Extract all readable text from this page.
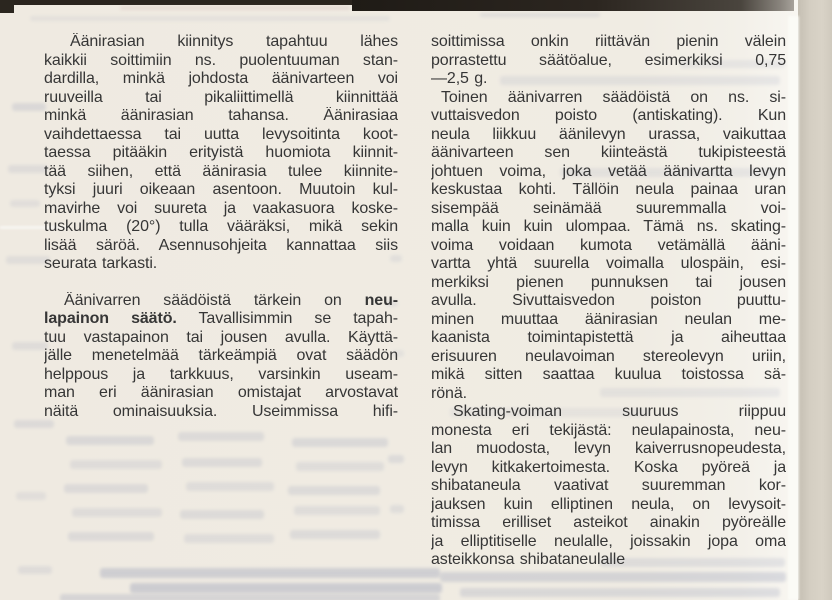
Äänirasian kiinnitys tapahtuu lähes
kaikkii soittimiin ns. puolentuuman stan-
dardilla, minkä johdosta äänivarteen voi
ruuveilla tai pikaliittimellä kiinnittää
minkä äänirasian tahansa. Äänirasiaa
vaihdettaessa tai uutta levysoitinta koot-
taessa pitääkin erityistä huomiota kiinnit-
tää siihen, että äänirasia tulee kiinnite-
tyksi juuri oikeaan asentoon. Muutoin kul-
mavirhe voi suureta ja vaakasuora koske-
tuskulma (20°) tulla vääräksi, mikä sekin
lisää säröä. Asennusohjeita kannattaa siis
seurata tarkasti.
Äänivarren säädöistä tärkein on neu-
lapainon säätö. Tavallisimmin se tapah-
tuu vastapainon tai jousen avulla. Käyttä-
jälle menetelmää tärkeämpiä ovat säädön
helppous ja tarkkuus, varsinkin useam-
man eri äänirasian omistajat arvostavat
näitä ominaisuuksia. Useimmissa hifi-
soittimissa onkin riittävän pienin välein
porrastettu säätöalue, esimerkiksi 0,75
—2,5 g.
Toinen äänivarren säädöistä on ns. si-
vuttaisvedon poisto (antiskating). Kun
neula liikkuu äänilevyn urassa, vaikuttaa
äänivarteen sen kiinteästä tukipisteestä
johtuen voima, joka vetää äänivartta levyn
keskustaa kohti. Tällöin neula painaa uran
sisempää seinämää suuremmalla voi-
malla kuin kuin ulompaa. Tämä ns. skating-
voima voidaan kumota vetämällä ääni-
vartta yhtä suurella voimalla ulospäin, esi-
merkiksi pienen punnuksen tai jousen
avulla. Sivuttaisvedon poiston puuttu-
minen muuttaa äänirasian neulan me-
kaanista toimintapistettä ja aiheuttaa
erisuuren neulavoiman stereolevyn uriin,
mikä sitten saattaa kuulua toistossa sä-
rönä.
Skating-voiman suuruus riippuu
monesta eri tekijästä: neulapainosta, neu-
lan muodosta, levyn kaiverrusnopeudesta,
levyn kitkakertoimesta. Koska pyöreä ja
shibataneula vaativat suuremman kor-
jauksen kuin elliptinen neula, on levysoit-
timissa erilliset asteikot ainakin pyöreälle
ja elliptitiselle neulalle, joissakin jopa oma
asteikkonsa shibataneulalle
